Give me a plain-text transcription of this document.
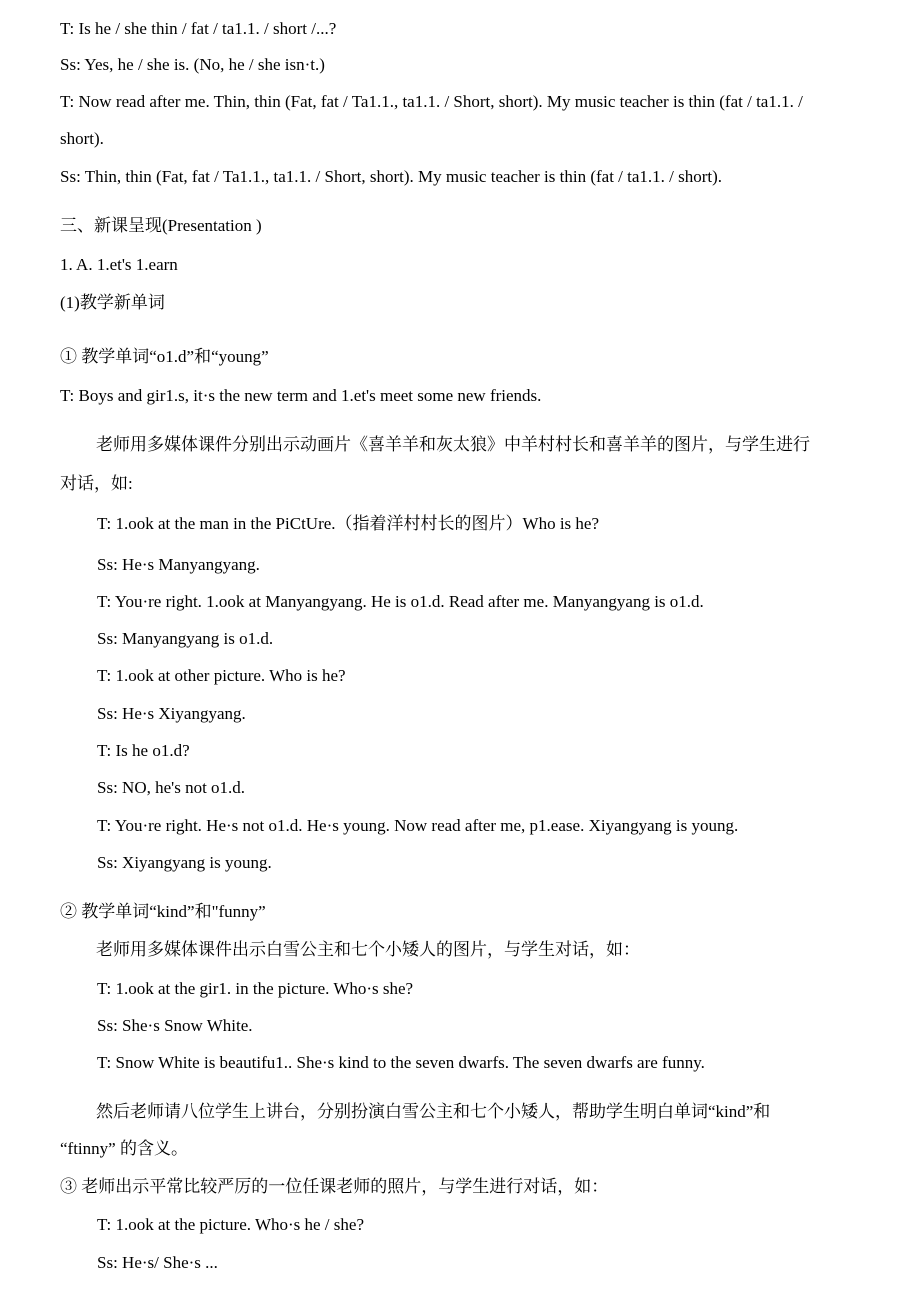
T: Is he / she thin / fat / ta1.1. / short /...?
Ss: Yes, he / she is. (No, he / she isn·t.)
T: Now read after me. Thin, thin (Fat, fat / Ta1.1., ta1.1. / Short, short). My music teacher is thin (fat / ta1.1. /
short).
Ss: Thin, thin (Fat, fat / Ta1.1., ta1.1. / Short, short). My music teacher is thin (fat / ta1.1. / short).
三、新课呈现(Presentation )
1. A. 1.et's 1.earn
(1)教学新单词
① 教学单词“o1.d”和“young”
T: Boys and gir1.s, it·s the new term and 1.et's meet some new friends.
老师用多媒体课件分别出示动画片《喜羊羊和灰太狼》中羊村村长和喜羊羊的图片，与学生进行
对话，如:
T: 1.ook at the man in the PiCtUre.（指着洋村村长的图片）Who is he?
Ss: He·s Manyangyang.
T: You·re right. 1.ook at Manyangyang. He is o1.d. Read after me. Manyangyang is o1.d.
Ss: Manyangyang is o1.d.
T: 1.ook at other picture. Who is he?
Ss: He·s Xiyangyang.
T: Is he o1.d?
Ss: NO, he's not o1.d.
T: You·re right. He·s not o1.d. He·s young. Now read after me, p1.ease. Xiyangyang is young.
Ss: Xiyangyang is young.
② 教学单词“kind”和"funny”
老师用多媒体课件出示白雪公主和七个小矮人的图片，与学生对话，如：
T: 1.ook at the gir1. in the picture. Who·s she?
Ss: She·s Snow White.
T: Snow White is beautifu1.. She·s kind to the seven dwarfs. The seven dwarfs are funny.
然后老师请八位学生上讲台，分别扮演白雪公主和七个小矮人，帮助学生明白单词“kind”和
“ftinny” 的含义。
③ 老师出示平常比较严厉的一位任课老师的照片，与学生进行对话，如：
T: 1.ook at the picture. Who·s he / she?
Ss: He·s/ She·s ...
